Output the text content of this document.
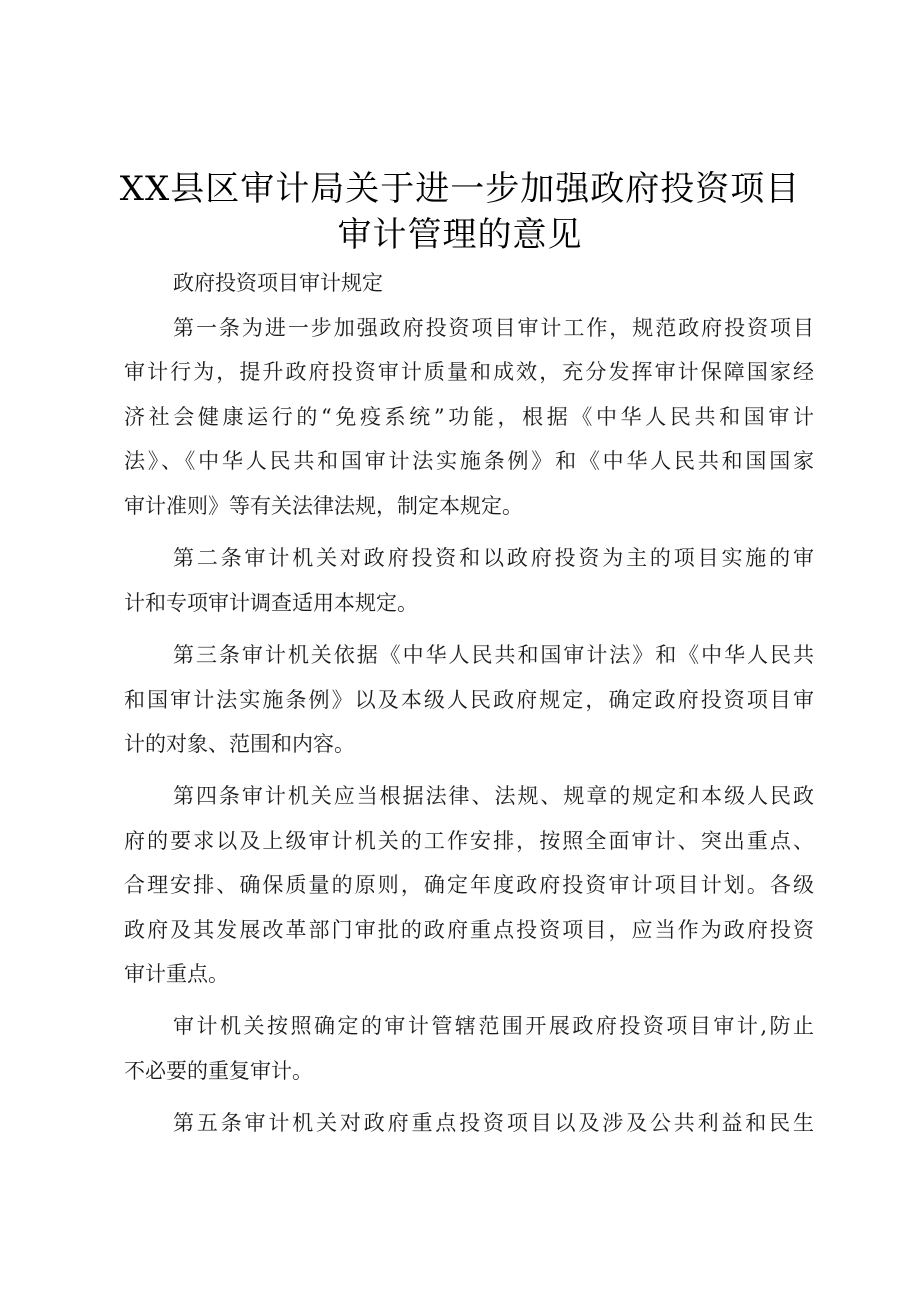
XX县区审计局关于进一步加强政府投资项目
审计管理的意见
政府投资项目审计规定
第一条为进一步加强政府投资项目审计工作，规范政府投资项目
审计行为，提升政府投资审计质量和成效，充分发挥审计保障国家经
济社会健康运行的“免疫系统”功能，根据《中华人民共和国审计
法》、《中华人民共和国审计法实施条例》和《中华人民共和国国家
审计准则》等有关法律法规，制定本规定。
第二条审计机关对政府投资和以政府投资为主的项目实施的审
计和专项审计调查适用本规定。
第三条审计机关依据《中华人民共和国审计法》和《中华人民共
和国审计法实施条例》以及本级人民政府规定，确定政府投资项目审
计的对象、范围和内容。
第四条审计机关应当根据法律、法规、规章的规定和本级人民政
府的要求以及上级审计机关的工作安排，按照全面审计、突出重点、
合理安排、确保质量的原则，确定年度政府投资审计项目计划。各级
政府及其发展改革部门审批的政府重点投资项目，应当作为政府投资
审计重点。
审计机关按照确定的审计管辖范围开展政府投资项目审计,防止
不必要的重复审计。
第五条审计机关对政府重点投资项目以及涉及公共利益和民生
